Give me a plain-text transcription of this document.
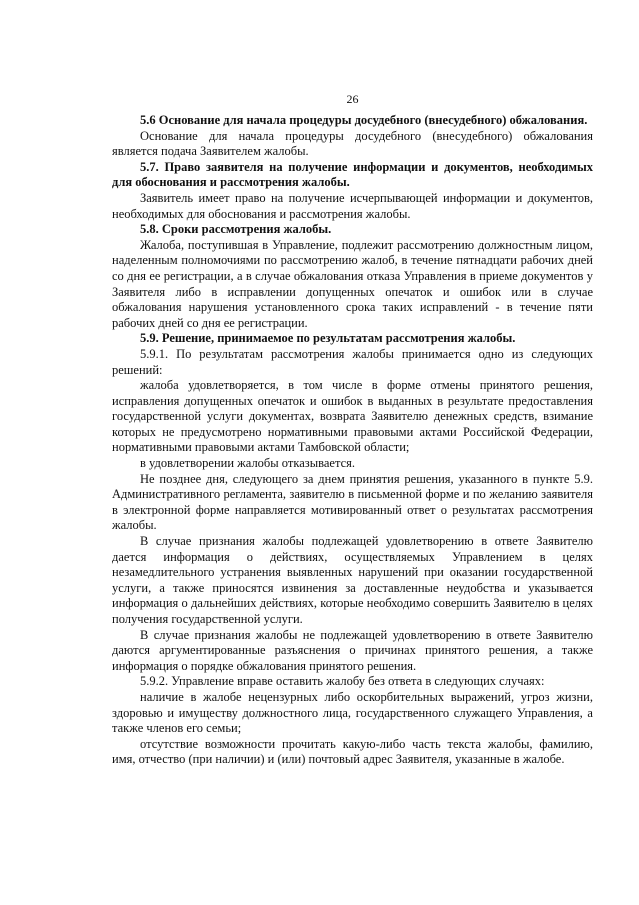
26

5.6 Основание для начала процедуры досудебного (внесудебного) обжалования.

Основание для начала процедуры досудебного (внесудебного) обжалования является подача Заявителем жалобы.

5.7. Право заявителя на получение информации и документов, необходимых для обоснования и рассмотрения жалобы.

Заявитель имеет право на получение исчерпывающей информации и документов, необходимых для обоснования и рассмотрения жалобы.

5.8. Сроки рассмотрения жалобы.

Жалоба, поступившая в Управление, подлежит рассмотрению должностным лицом, наделенным полномочиями по рассмотрению жалоб, в течение пятнадцати рабочих дней со дня ее регистрации, а в случае обжалования отказа Управления в приеме документов у Заявителя либо в исправлении допущенных опечаток и ошибок или в случае обжалования нарушения установленного срока таких исправлений - в течение пяти рабочих дней со дня ее регистрации.

5.9. Решение, принимаемое по результатам рассмотрения жалобы.

5.9.1. По результатам рассмотрения жалобы принимается одно из следующих решений:

жалоба удовлетворяется, в том числе в форме отмены принятого решения, исправления допущенных опечаток и ошибок в выданных в результате предоставления государственной услуги документах, возврата Заявителю денежных средств, взимание которых не предусмотрено нормативными правовыми актами Российской Федерации, нормативными правовыми актами Тамбовской области;

в удовлетворении жалобы отказывается.

Не позднее дня, следующего за днем принятия решения, указанного в пункте 5.9. Административного регламента, заявителю в письменной форме и по желанию заявителя в электронной форме направляется мотивированный ответ о результатах рассмотрения жалобы.

В случае признания жалобы подлежащей удовлетворению в ответе Заявителю дается информация о действиях, осуществляемых Управлением в целях незамедлительного устранения выявленных нарушений при оказании государственной услуги, а также приносятся извинения за доставленные неудобства и указывается информация о дальнейших действиях, которые необходимо совершить Заявителю в целях получения государственной услуги.

В случае признания жалобы не подлежащей удовлетворению в ответе Заявителю даются аргументированные разъяснения о причинах принятого решения, а также информация о порядке обжалования принятого решения.

5.9.2. Управление вправе оставить жалобу без ответа в следующих случаях:

наличие в жалобе нецензурных либо оскорбительных выражений, угроз жизни, здоровью и имуществу должностного лица, государственного служащего Управления, а также членов его семьи;

отсутствие возможности прочитать какую-либо часть текста жалобы, фамилию, имя, отчество (при наличии) и (или) почтовый адрес Заявителя, указанные в жалобе.
